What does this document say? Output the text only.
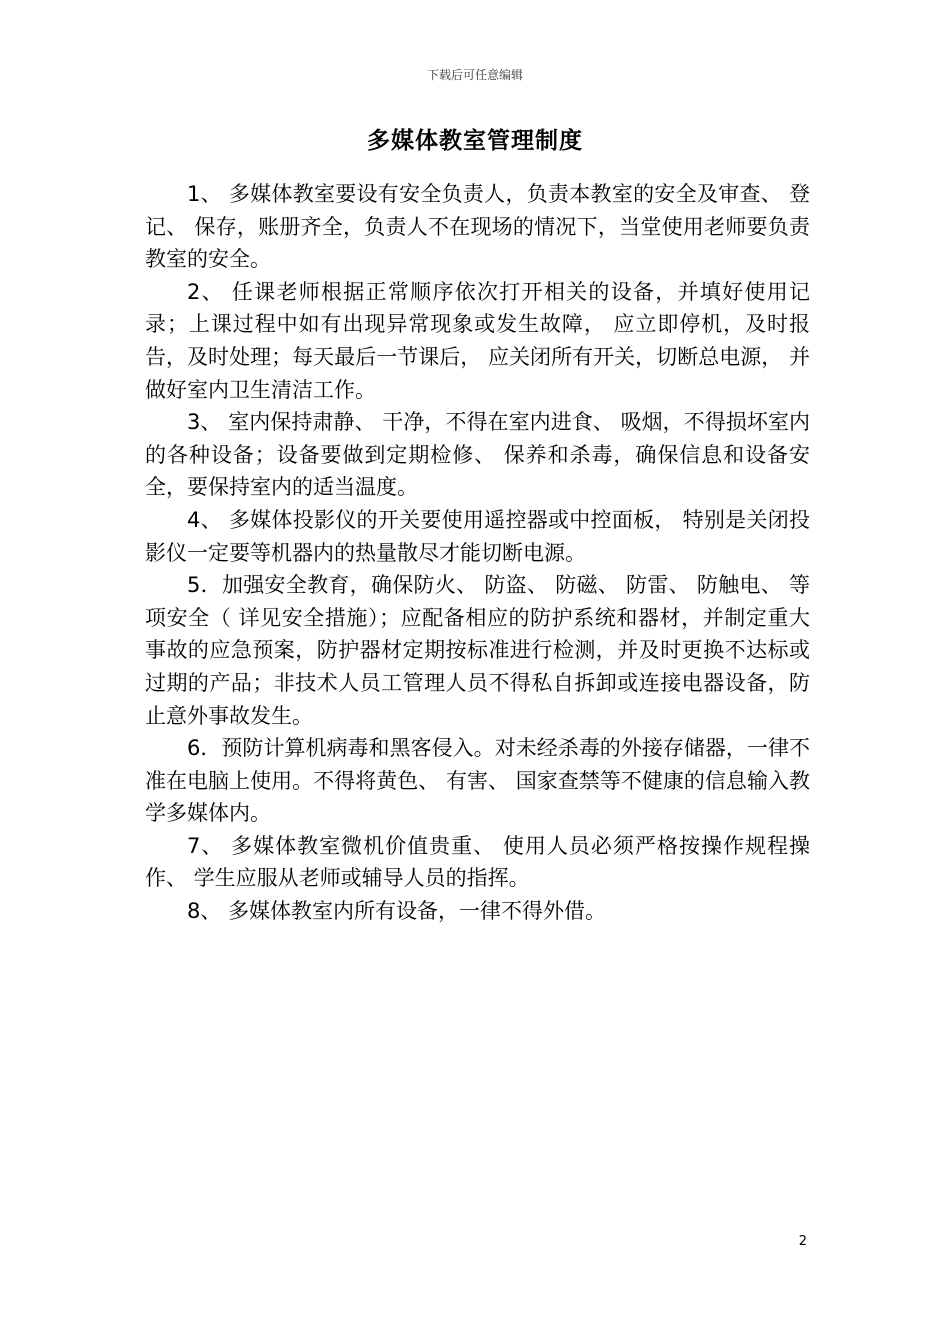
下载后可任意编辑
多媒体教室管理制度

1、 多媒体教室要设有安全负责人，负责本教室的安全及审查、 登记、 保存，账册齐全，负责人不在现场的情况下，当堂使用老师要负责教室的安全。

2、 任课老师根据正常顺序依次打开相关的设备，并填好使用记录；上课过程中如有出现异常现象或发生故障， 应立即停机，及时报告，及时处理；每天最后一节课后， 应关闭所有开关，切断总电源， 并做好室内卫生清洁工作。

3、 室内保持肃静、 干净，不得在室内进食、 吸烟，不得损坏室内的各种设备；设备要做到定期检修、 保养和杀毒，确保信息和设备安全，要保持室内的适当温度。

4、 多媒体投影仪的开关要使用遥控器或中控面板， 特别是关闭投影仪一定要等机器内的热量散尽才能切断电源。

5．加强安全教育，确保防火、 防盗、 防磁、 防雷、 防触电、 等项安全（ 详见安全措施）；应配备相应的防护系统和器材，并制定重大事故的应急预案，防护器材定期按标准进行检测，并及时更换不达标或过期的产品；非技术人员工管理人员不得私自拆卸或连接电器设备，防止意外事故发生。

6．预防计算机病毒和黑客侵入。对未经杀毒的外接存储器，一律不准在电脑上使用。不得将黄色、 有害、 国家查禁等不健康的信息输入教学多媒体内。

7、 多媒体教室微机价值贵重、 使用人员必须严格按操作规程操作、 学生应服从老师或辅导人员的指挥。

8、 多媒体教室内所有设备，一律不得外借。

2
